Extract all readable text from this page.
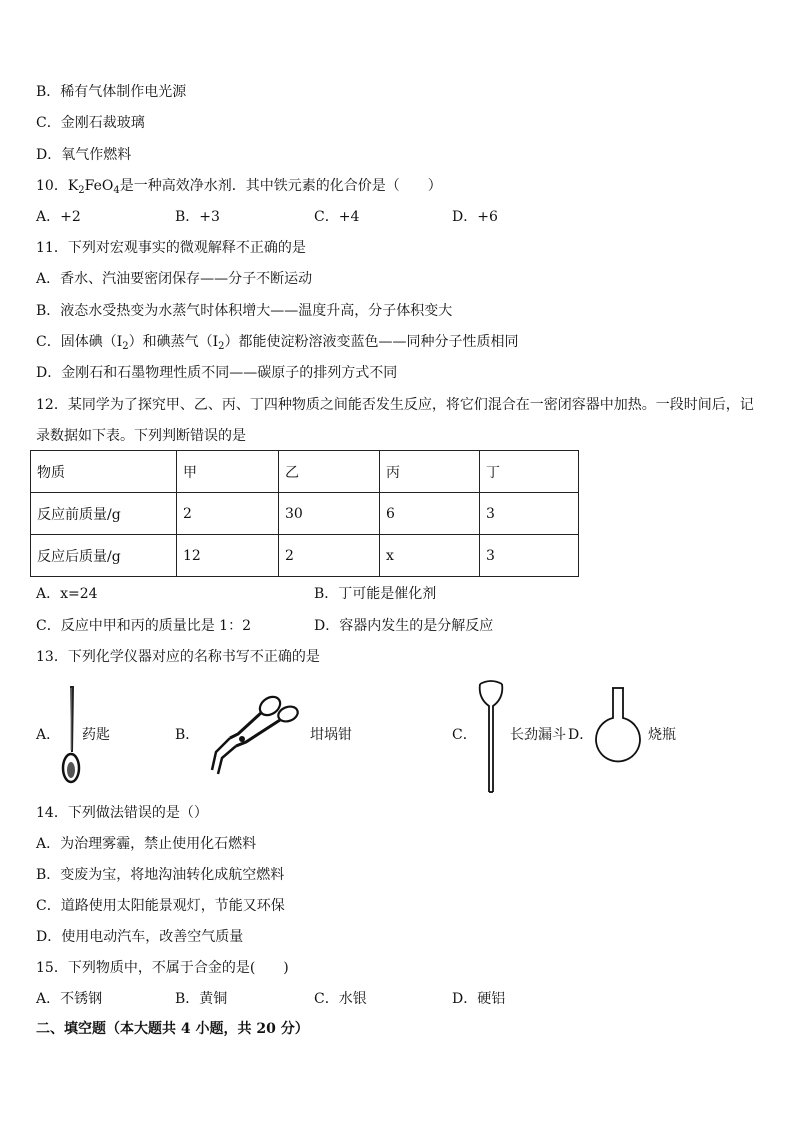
B．稀有气体制作电光源
C．金刚石裁玻璃
D．氧气作燃料
10．$K_2FeO_4$是一种高效净水剂．其中铁元素的化合价是（　　）
A．+2	B．+3	C．+4	D．+6
11．下列对宏观事实的微观解释不正确的是
A．香水、汽油要密闭保存——分子不断运动
B．液态水受热变为水蒸气时体积增大——温度升高，分子体积变大
C．固体碘$(I_2)$和碘蒸气$(I_2)$都能使淀粉溶液变蓝色——同种分子性质相同
D．金刚石和石墨物理性质不同——碳原子的排列方式不同
12．某同学为了探究甲、乙、丙、丁四种物质之间能否发生反应，将它们混合在一密闭容器中加热。一段时间后，记
录数据如下表。下列判断错误的是
物质	甲	乙	丙	丁
反应前质量/g	2	30	6	3
反应后质量/g	12	2	x	3
A．x=24	B．丁可能是催化剂
C．反应中甲和丙的质量比是 1：2	D．容器内发生的是分解反应
13．下列化学仪器对应的名称书写不正确的是
A． 药匙	B．	坩埚钳	C． 长劲漏斗 D．	烧瓶
14．下列做法错误的是（）
A．为治理雾霾，禁止使用化石燃料
B．变废为宝，将地沟油转化成航空燃料
C．道路使用太阳能景观灯，节能又环保
D．使用电动汽车，改善空气质量
15．下列物质中，不属于合金的是(　　)
A．不锈钢	B．黄铜	C．水银	D．硬铝
二、填空题（本大题共 4 小题，共 20 分）
